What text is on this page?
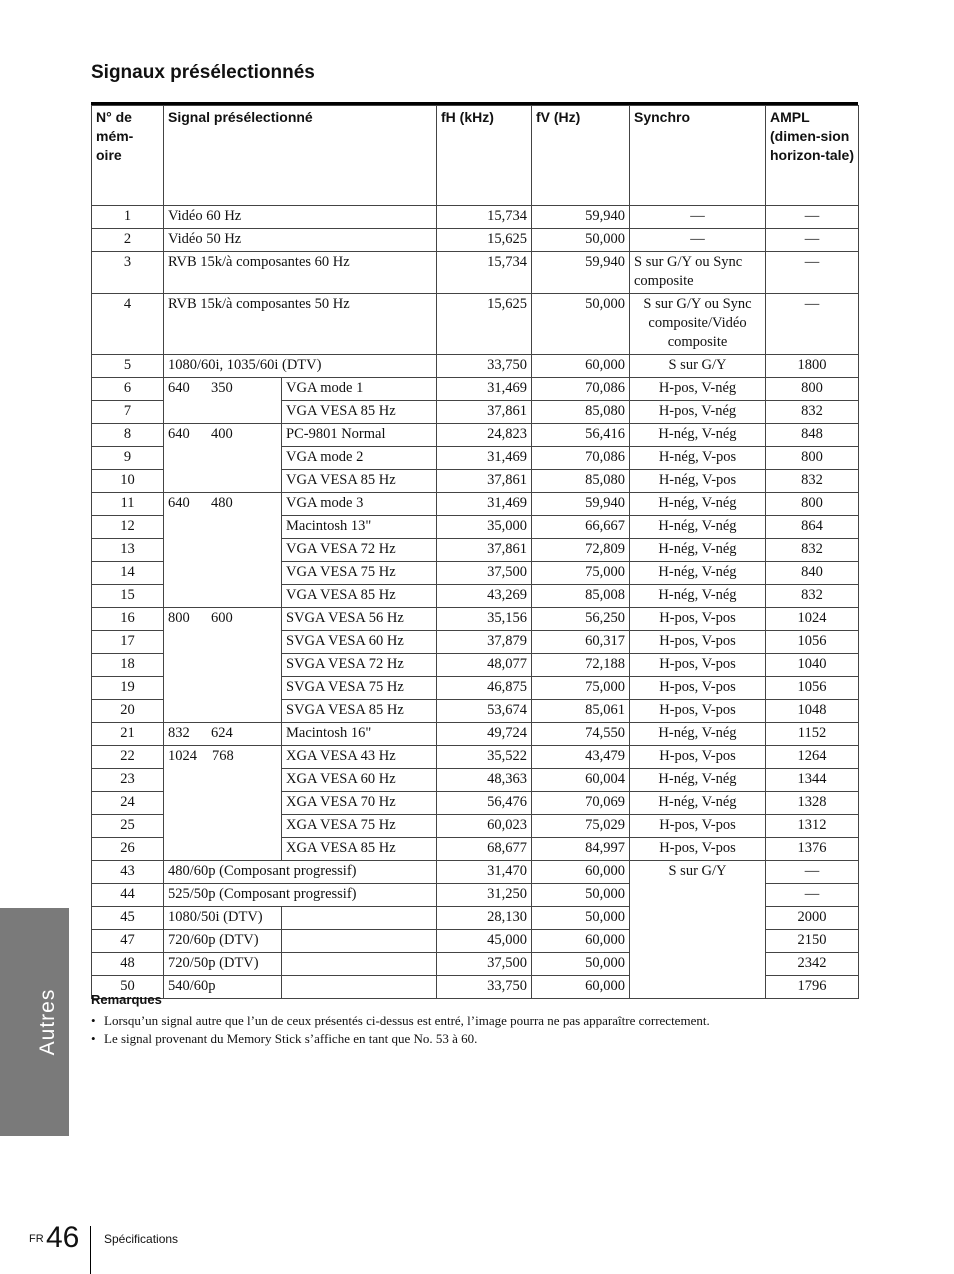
Signaux présélectionnés
N° de mém-oire	Signal présélectionné		fH (kHz)	fV (Hz)	Synchro	AMPL (dimen-sion horizon-tale)
1	Vidéo 60 Hz		15,734	59,940	—	—
2	Vidéo 50 Hz		15,625	50,000	—	—
3	RVB 15k/à composantes 60 Hz		15,734	59,940	S sur G/Y ou Sync composite	—
4	RVB 15k/à composantes 50 Hz		15,625	50,000	S sur G/Y ou Sync composite/Vidéo composite	—
5	1080/60i, 1035/60i (DTV)		33,750	60,000	S sur G/Y	1800
6	640 350	VGA mode 1	31,469	70,086	H-pos, V-nég	800
7		VGA VESA 85 Hz	37,861	85,080	H-pos, V-nég	832
8	640 400	PC-9801 Normal	24,823	56,416	H-nég, V-nég	848
9		VGA mode 2	31,469	70,086	H-nég, V-pos	800
10		VGA VESA 85 Hz	37,861	85,080	H-nég, V-pos	832
11	640 480	VGA mode 3	31,469	59,940	H-nég, V-nég	800
12		Macintosh 13"	35,000	66,667	H-nég, V-nég	864
13		VGA VESA 72 Hz	37,861	72,809	H-nég, V-nég	832
14		VGA VESA 75 Hz	37,500	75,000	H-nég, V-nég	840
15		VGA VESA 85 Hz	43,269	85,008	H-nég, V-nég	832
16	800 600	SVGA VESA 56 Hz	35,156	56,250	H-pos, V-pos	1024
17		SVGA VESA 60 Hz	37,879	60,317	H-pos, V-pos	1056
18		SVGA VESA 72 Hz	48,077	72,188	H-pos, V-pos	1040
19		SVGA VESA 75 Hz	46,875	75,000	H-pos, V-pos	1056
20		SVGA VESA 85 Hz	53,674	85,061	H-pos, V-pos	1048
21	832 624	Macintosh 16"	49,724	74,550	H-nég, V-nég	1152
22	1024 768	XGA VESA 43 Hz	35,522	43,479	H-pos, V-pos	1264
23		XGA VESA 60 Hz	48,363	60,004	H-nég, V-nég	1344
24		XGA VESA 70 Hz	56,476	70,069	H-nég, V-nég	1328
25		XGA VESA 75 Hz	60,023	75,029	H-pos, V-pos	1312
26		XGA VESA 85 Hz	68,677	84,997	H-pos, V-pos	1376
43	480/60p (Composant progressif)		31,470	60,000	S sur G/Y	—
44	525/50p (Composant progressif)		31,250	50,000		—
45	1080/50i (DTV)		28,130	50,000		2000
47	720/60p (DTV)		45,000	60,000		2150
48	720/50p (DTV)		37,500	50,000		2342
50	540/60p		33,750	60,000		1796
Remarques
• Lorsqu’un signal autre que l’un de ceux présentés ci-dessus est entré, l’image pourra ne pas apparaître correctement.
• Le signal provenant du Memory Stick s’affiche en tant que No. 53 à 60.
Autres
FR 46 Spécifications
